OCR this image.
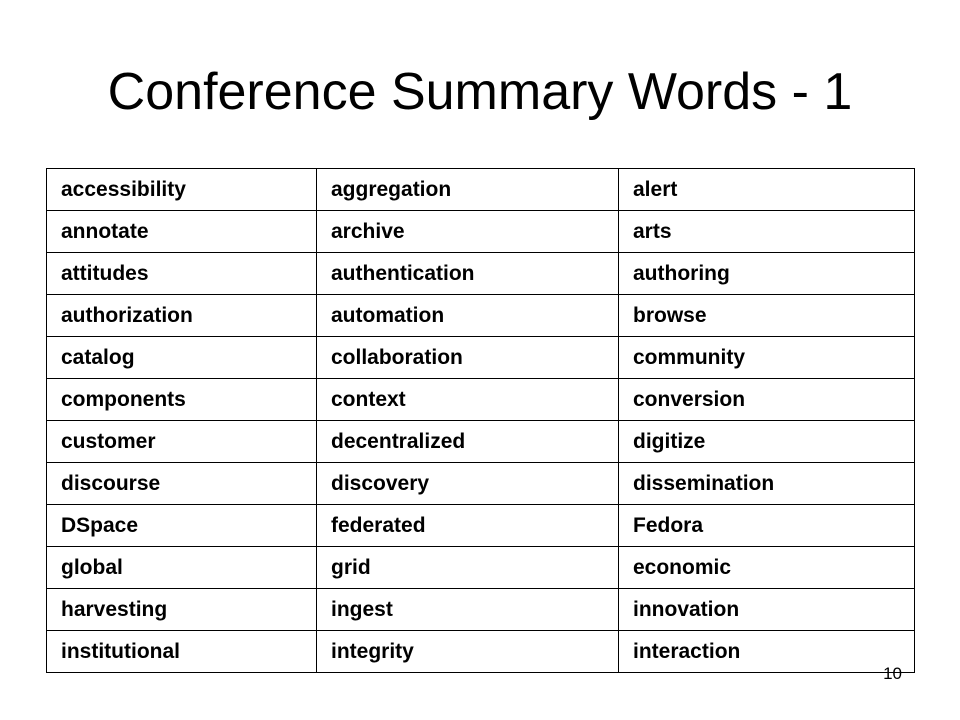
Conference Summary Words - 1
accessibility	aggregation	alert
annotate	archive	arts
attitudes	authentication	authoring
authorization	automation	browse
catalog	collaboration	community
components	context	conversion
customer	decentralized	digitize
discourse	discovery	dissemination
DSpace	federated	Fedora
global	grid	economic
harvesting	ingest	innovation
institutional	integrity	interaction
10
